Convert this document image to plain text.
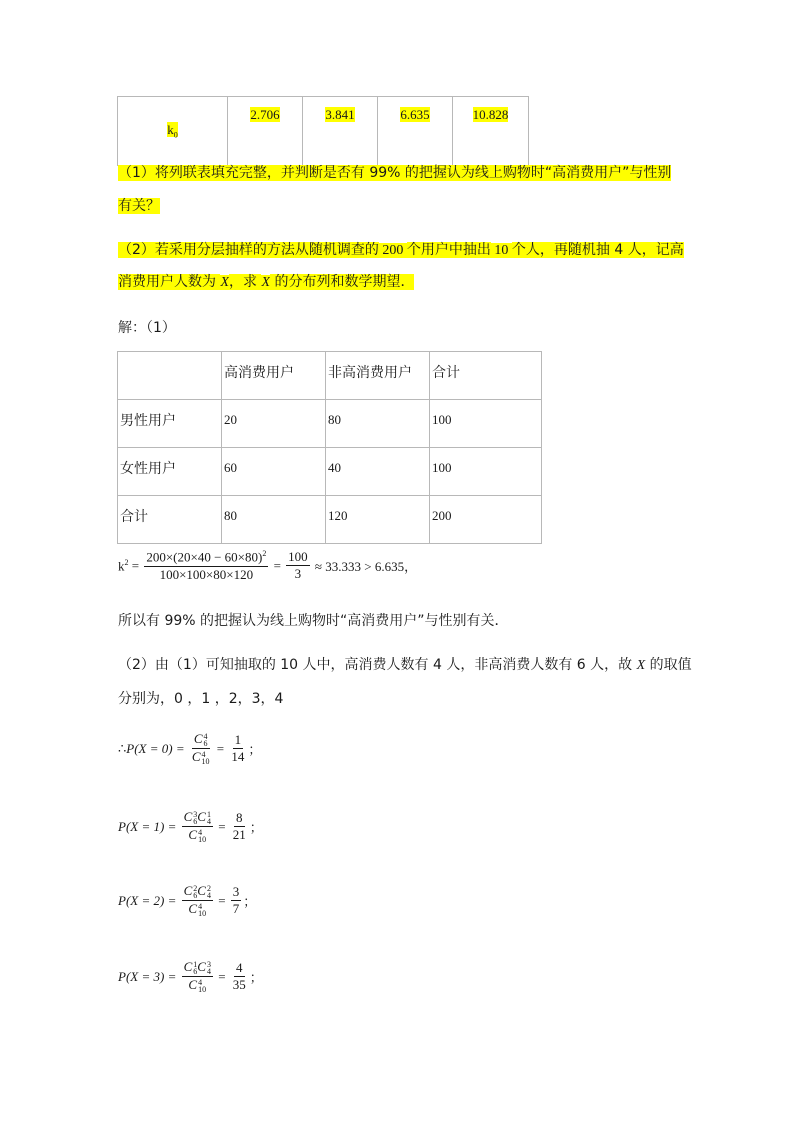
$k_0$	2.706	3.841	6.635	10.828
（1）将列联表填充完整，并判断是否有 99% 的把握认为线上购物时“高消费用户”与性别
有关？
（2）若采用分层抽样的方法从随机调查的 200 个用户中抽出 10 个人，再随机抽 4 人，记高
消费用户人数为 X，求 X 的分布列和数学期望．
解：（1）
	高消费用户	非高消费用户	合计
男性用户	20	80	100
女性用户	60	40	100
合计	80	120	200
$k^2 = \frac{200\times(20\times 40 - 60\times 80)^2}{100\times 100\times 80\times 120} = \frac{100}{3} \approx 33.333 > 6.635$，
所以有 99% 的把握认为线上购物时“高消费用户”与性别有关．
（2）由（1）可知抽取的 10 人中，高消费人数有 4 人，非高消费人数有 6 人，故 X 的取值
分别为，0 ，1 ，2，3，4
∴ P(X = 0) = C 4
6
C 4
$10 = \frac{1}{14}$ ；
P(X = 1) = C 3
6 C 1
4
C 4
$10 = \frac{8}{21}$ ；
P(X = 2) = C 2
6 C 2
4
C 4
$10 = \frac{3}{7}$ ；
P(X = 3) = C 1
6 C 3
4
C 4
$10 = \frac{4}{35}$ ；
